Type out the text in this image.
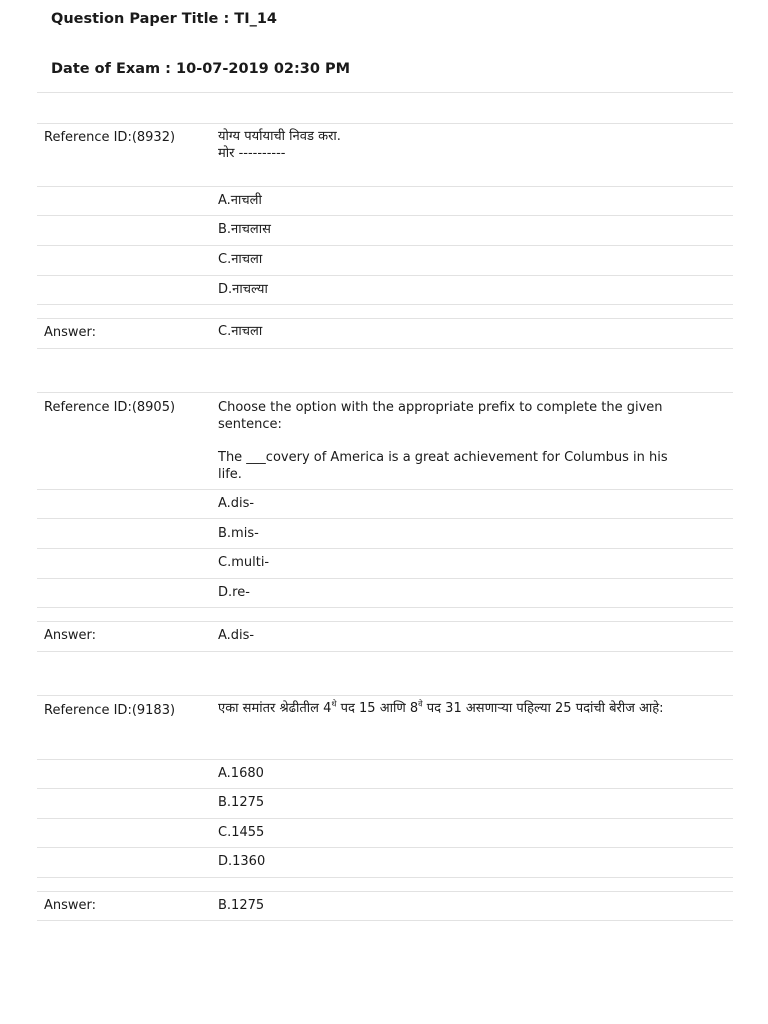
Question Paper Title : TI_14
Date of Exam : 10-07-2019 02:30 PM
Reference ID:(8932)	योग्य पर्यायाची निवड करा.
मोर ----------
A.नाचली
B.नाचलास
C.नाचला
D.नाचल्या
Answer:	C.नाचला
Reference ID:(8905)	Choose the option with the appropriate prefix to complete the given sentence:
The ___covery of America is a great achievement for Columbus in his life.
A.dis-
B.mis-
C.multi-
D.re-
Answer:	A.dis-
Reference ID:(9183)	एका समांतर श्रेढीतील $4^{थे}$ पद 15 आणि $8^{वे}$ पद 31 असणाऱ्या पहिल्या 25 पदांची बेरीज आहे:
A.1680
B.1275
C.1455
D.1360
Answer:	B.1275
